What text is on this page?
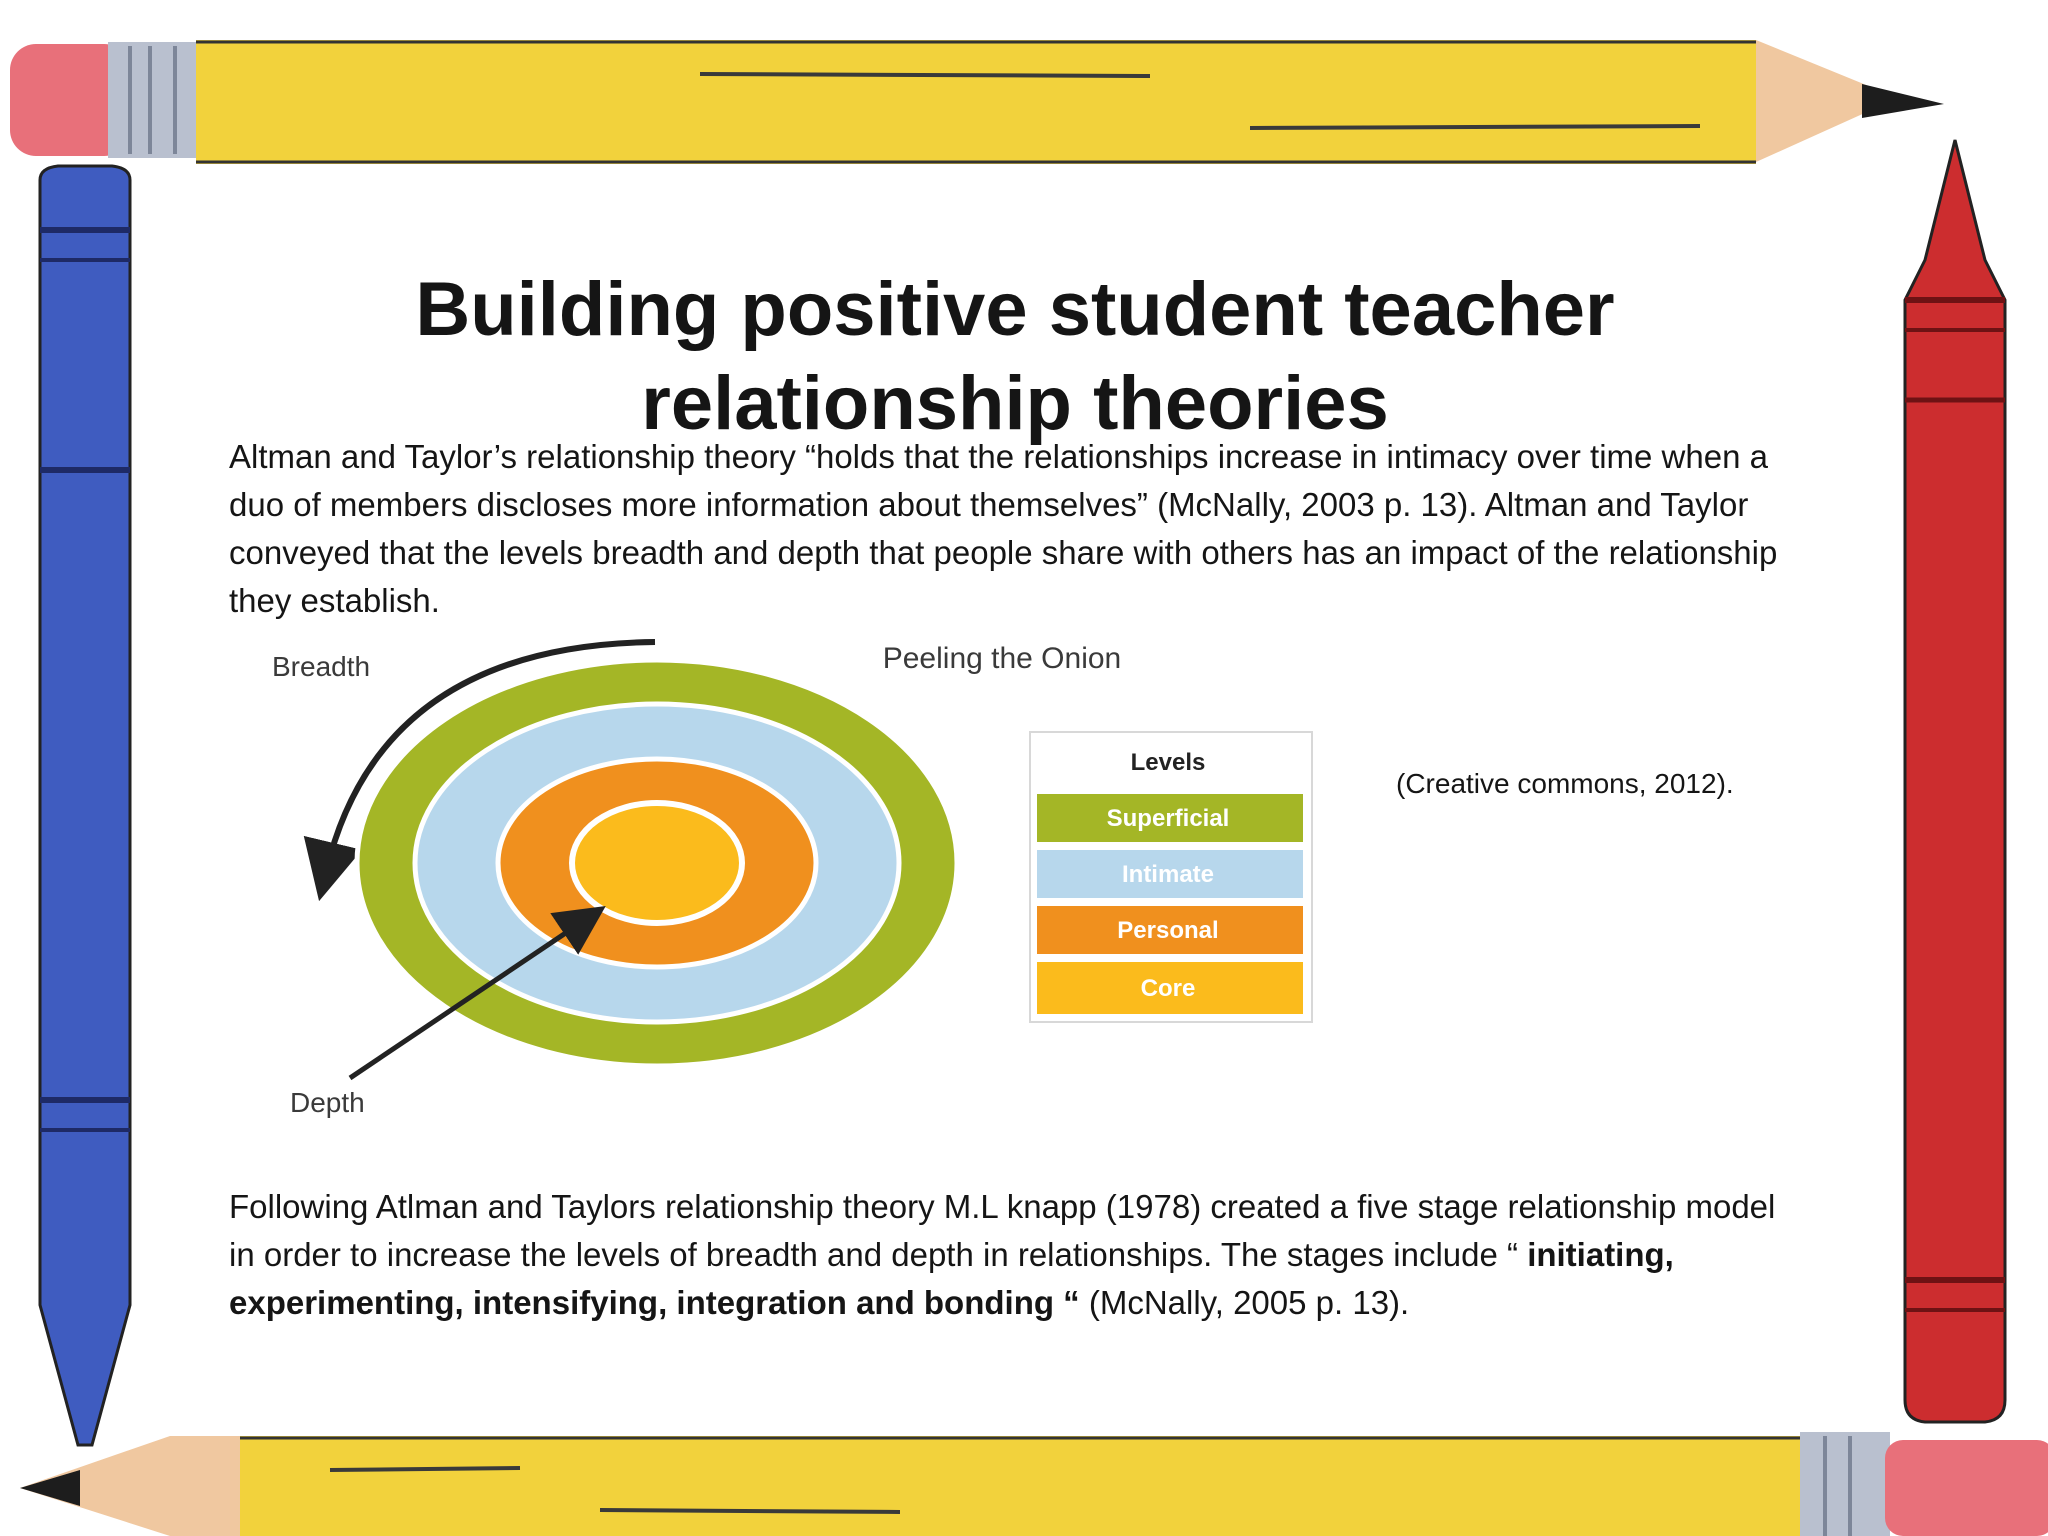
Building positive student teacher relationship theories

Altman and Taylor’s relationship theory “holds that the relationships increase in intimacy over time when a duo of members discloses more information about themselves” (McNally, 2003 p. 13). Altman and Taylor conveyed that the levels breadth and depth that people share with others has an impact of the relationship they establish.

Breadth
Depth
Peeling the Onion
Levels
Superficial
Intimate
Personal
Core
(Creative commons, 2012).

Following Atlman and Taylors relationship theory M.L knapp (1978) created a five stage relationship model in order to increase the levels of breadth and depth in relationships. The stages include “ initiating, experimenting, intensifying, integration and bonding “ (McNally, 2005 p. 13).
